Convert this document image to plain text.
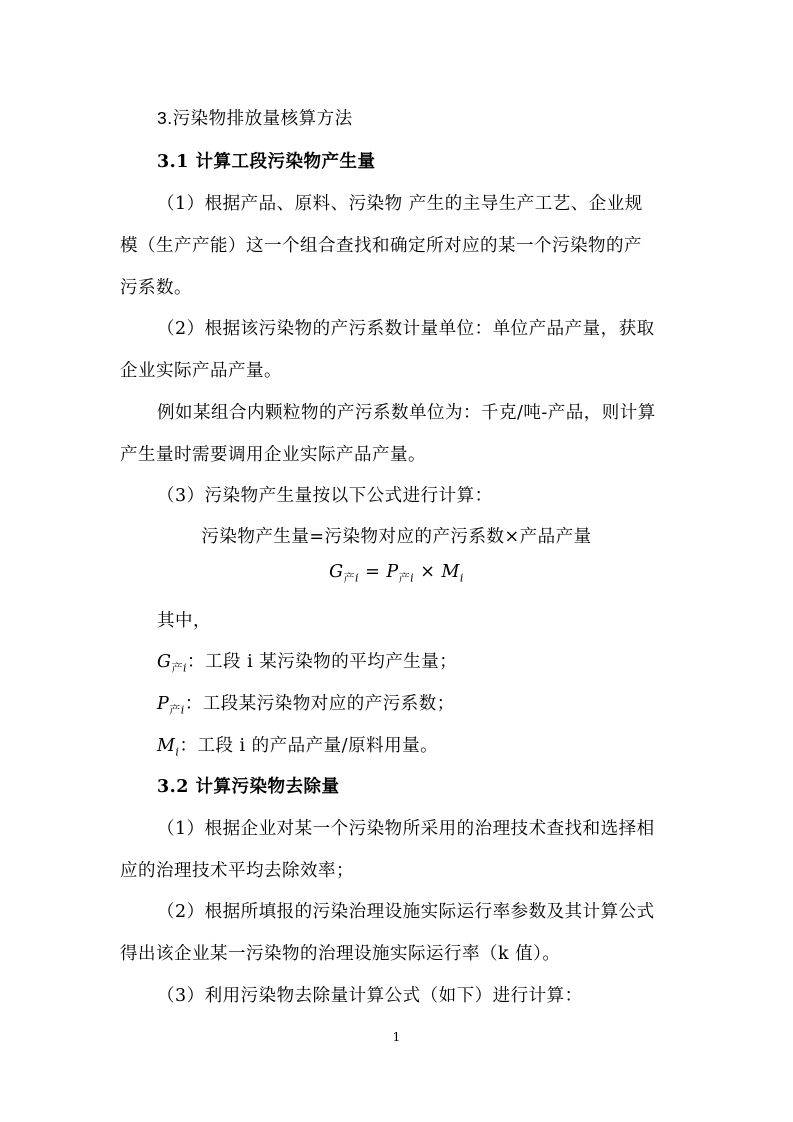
3.污染物排放量核算方法
3.1 计算工段污染物产生量
（1）根据产品、原料、污染物 产生的主导生产工艺、企业规
模（生产产能）这一个组合查找和确定所对应的某一个污染物的产
污系数。
（2）根据该污染物的产污系数计量单位：单位产品产量，获取
企业实际产品产量。
例如某组合内颗粒物的产污系数单位为：千克/吨-产品，则计算
产生量时需要调用企业实际产品产量。
（3）污染物产生量按以下公式进行计算：
污染物产生量=污染物对应的产污系数×产品产量
$G_{产i} = P_{产i} \times M_i$
其中，
$G_{产i}$：工段 i 某污染物的平均产生量；
$P_{产i}$：工段某污染物对应的产污系数；
$M_i$：工段 i 的产品产量/原料用量。
3.2 计算污染物去除量
（1）根据企业对某一个污染物所采用的治理技术查找和选择相
应的治理技术平均去除效率；
（2）根据所填报的污染治理设施实际运行率参数及其计算公式
得出该企业某一污染物的治理设施实际运行率（k 值）。
（3）利用污染物去除量计算公式（如下）进行计算：
1
